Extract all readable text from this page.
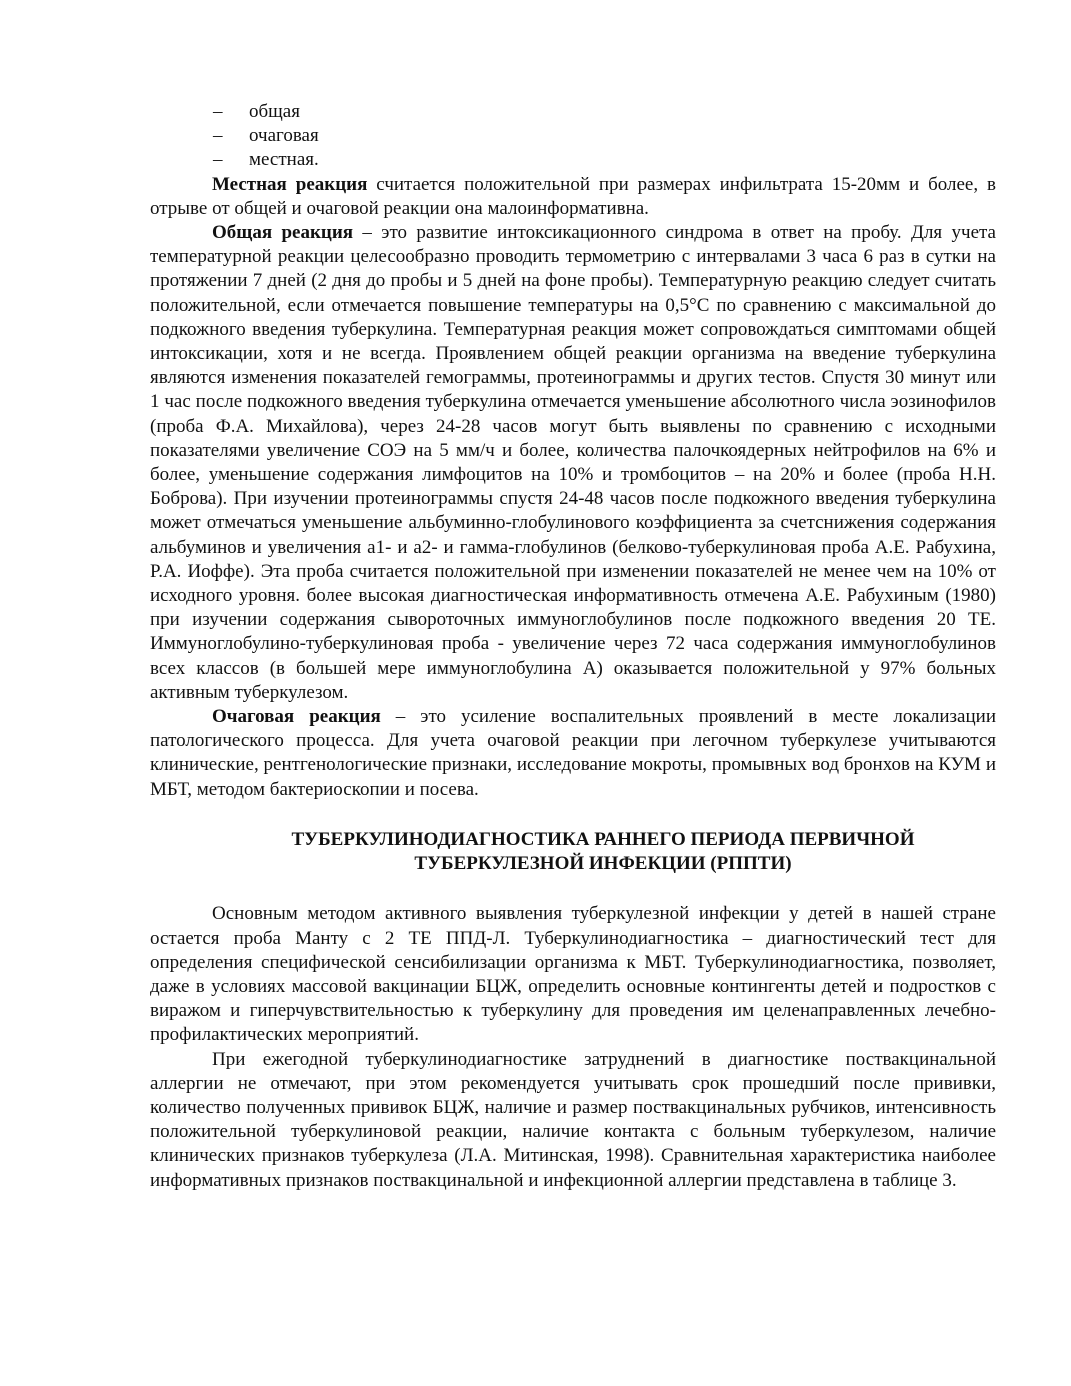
– общая
– очаговая
– местная.

Местная реакция считается положительной при размерах инфильтрата 15-20мм и более, в отрыве от общей и очаговой реакции она малоинформативна.

Общая реакция – это развитие интоксикационного синдрома в ответ на пробу. Для учета температурной реакции целесообразно проводить термометрию с интервалами 3 часа 6 раз в сутки на протяжении 7 дней (2 дня до пробы и 5 дней на фоне пробы). Температурную реакцию следует считать положительной, если отмечается повышение температуры на 0,5°С по сравнению с максимальной до подкожного введения туберкулина. Температурная реакция может сопровождаться симптомами общей интоксикации, хотя и не всегда. Проявлением общей реакции организма на введение туберкулина являются изменения показателей гемограммы, протеинограммы и других тестов. Спустя 30 минут или 1 час после подкожного введения туберкулина отмечается уменьшение абсолютного числа эозинофилов (проба Ф.А. Михайлова), через 24-28 часов могут быть выявлены по сравнению с исходными показателями увеличение СОЭ на 5 мм/ч и более, количества палочкоядерных нейтрофилов на 6% и более, уменьшение содержания лимфоцитов на 10% и тромбоцитов – на 20% и более (проба Н.Н. Боброва). При изучении протеинограммы спустя 24-48 часов после подкожного введения туберкулина может отмечаться уменьшение альбуминно-глобулинового коэффициента за счетснижения содержания альбуминов и увеличения а1- и а2- и гамма-глобулинов (белково-туберкулиновая проба А.Е. Рабухина, Р.А. Иоффе). Эта проба считается положительной при изменении показателей не менее чем на 10% от исходного уровня. более высокая диагностическая информативность отмечена А.Е. Рабухиным (1980) при изучении содержания сывороточных иммуноглобулинов после подкожного введения 20 ТЕ. Иммуноглобулино-туберкулиновая проба - увеличение через 72 часа содержания иммуноглобулинов всех классов (в большей мере иммуноглобулина А) оказывается положительной у 97% больных активным туберкулезом.

Очаговая реакция – это усиление воспалительных проявлений в месте локализации патологического процесса. Для учета очаговой реакции при легочном туберкулезе учитываются клинические, рентгенологические признаки, исследование мокроты, промывных вод бронхов на КУМ и МБТ, методом бактериоскопии и посева.

ТУБЕРКУЛИНОДИАГНОСТИКА РАННЕГО ПЕРИОДА ПЕРВИЧНОЙ
ТУБЕРКУЛЕЗНОЙ ИНФЕКЦИИ (РППТИ)

Основным методом активного выявления туберкулезной инфекции у детей в нашей стране остается проба Манту с 2 ТЕ ППД-Л. Туберкулинодиагностика – диагностический тест для определения специфической сенсибилизации организма к МБТ. Туберкулинодиагностика, позволяет, даже в условиях массовой вакцинации БЦЖ, определить основные контингенты детей и подростков с виражом и гиперчувствительностью к туберкулину для проведения им целенаправленных лечебно-профилактических мероприятий.

При ежегодной туберкулинодиагностике затруднений в диагностике поствакцинальной аллергии не отмечают, при этом рекомендуется учитывать срок прошедший после прививки, количество полученных прививок БЦЖ, наличие и размер поствакцинальных рубчиков, интенсивность положительной туберкулиновой реакции, наличие контакта с больным туберкулезом, наличие клинических признаков туберкулеза (Л.А. Митинская, 1998). Сравнительная характеристика наиболее информативных признаков поствакцинальной и инфекционной аллергии представлена в таблице 3.
